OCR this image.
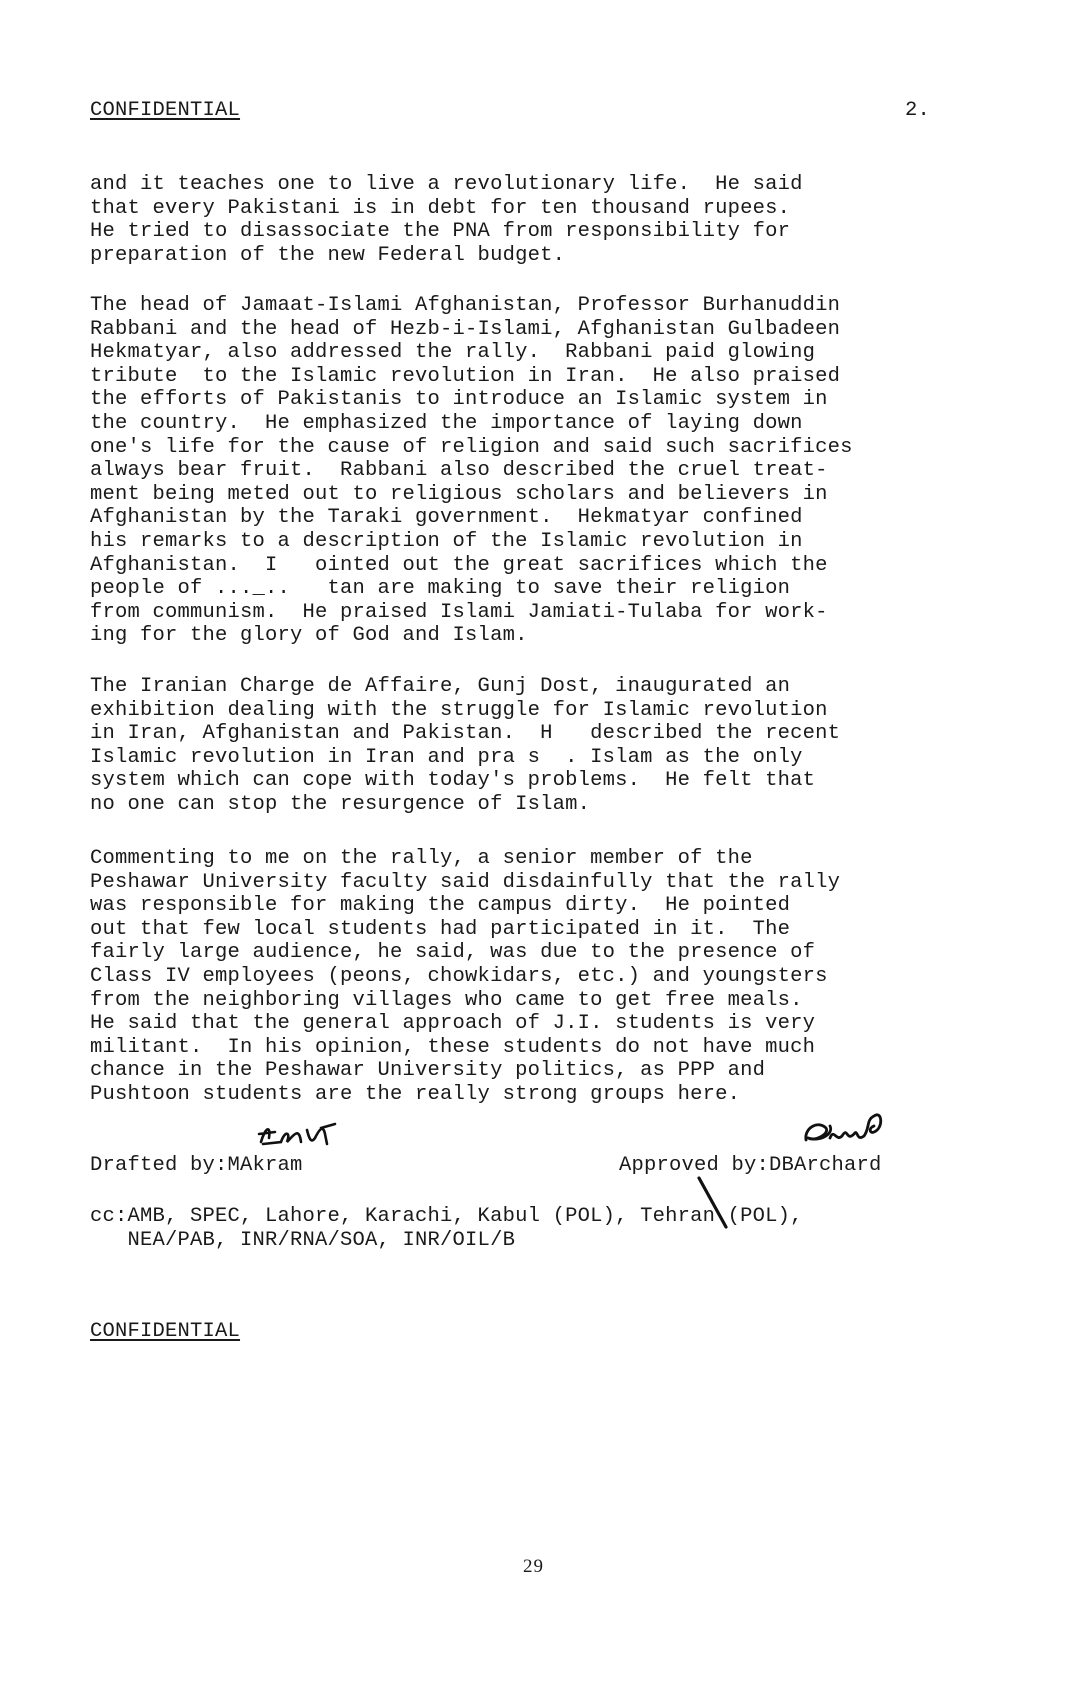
CONFIDENTIAL	2.
and it teaches one to live a revolutionary life.  He said
that every Pakistani is in debt for ten thousand rupees.
He tried to disassociate the PNA from responsibility for
preparation of the new Federal budget.
The head of Jamaat-Islami Afghanistan, Professor Burhanuddin
Rabbani and the head of Hezb-i-Islami, Afghanistan Gulbadeen
Hekmatyar, also addressed the rally.  Rabbani paid glowing
tribute  to the Islamic revolution in Iran.  He also praised
the efforts of Pakistanis to introduce an Islamic system in
the country.  He emphasized the importance of laying down
one's life for the cause of religion and said such sacrifices
always bear fruit.  Rabbani also described the cruel treat-
ment being meted out to religious scholars and believers in
Afghanistan by the Taraki government.  Hekmatyar confined
his remarks to a description of the Islamic revolution in
Afghanistan.  I   ointed out the great sacrifices which the
people of ..._..   tan are making to save their religion
from communism.  He praised Islami Jamiati-Tulaba for work-
ing for the glory of God and Islam.
The Iranian Charge de Affaire, Gunj Dost, inaugurated an
exhibition dealing with the struggle for Islamic revolution
in Iran, Afghanistan and Pakistan.  H   described the recent
Islamic revolution in Iran and pra s  . Islam as the only
system which can cope with today's problems.  He felt that
no one can stop the resurgence of Islam.
Commenting to me on the rally, a senior member of the
Peshawar University faculty said disdainfully that the rally
was responsible for making the campus dirty.  He pointed
out that few local students had participated in it.  The
fairly large audience, he said, was due to the presence of
Class IV employees (peons, chowkidars, etc.) and youngsters
from the neighboring villages who came to get free meals.
He said that the general approach of J.I. students is very
militant.  In his opinion, these students do not have much
chance in the Peshawar University politics, as PPP and
Pushtoon students are the really strong groups here.
Drafted by:MAkram	Approved by:DBArchard
cc:AMB, SPEC, Lahore, Karachi, Kabul (POL), Tehran (POL),
NEA/PAB, INR/RNA/SOA, INR/OIL/B
CONFIDENTIAL
29
